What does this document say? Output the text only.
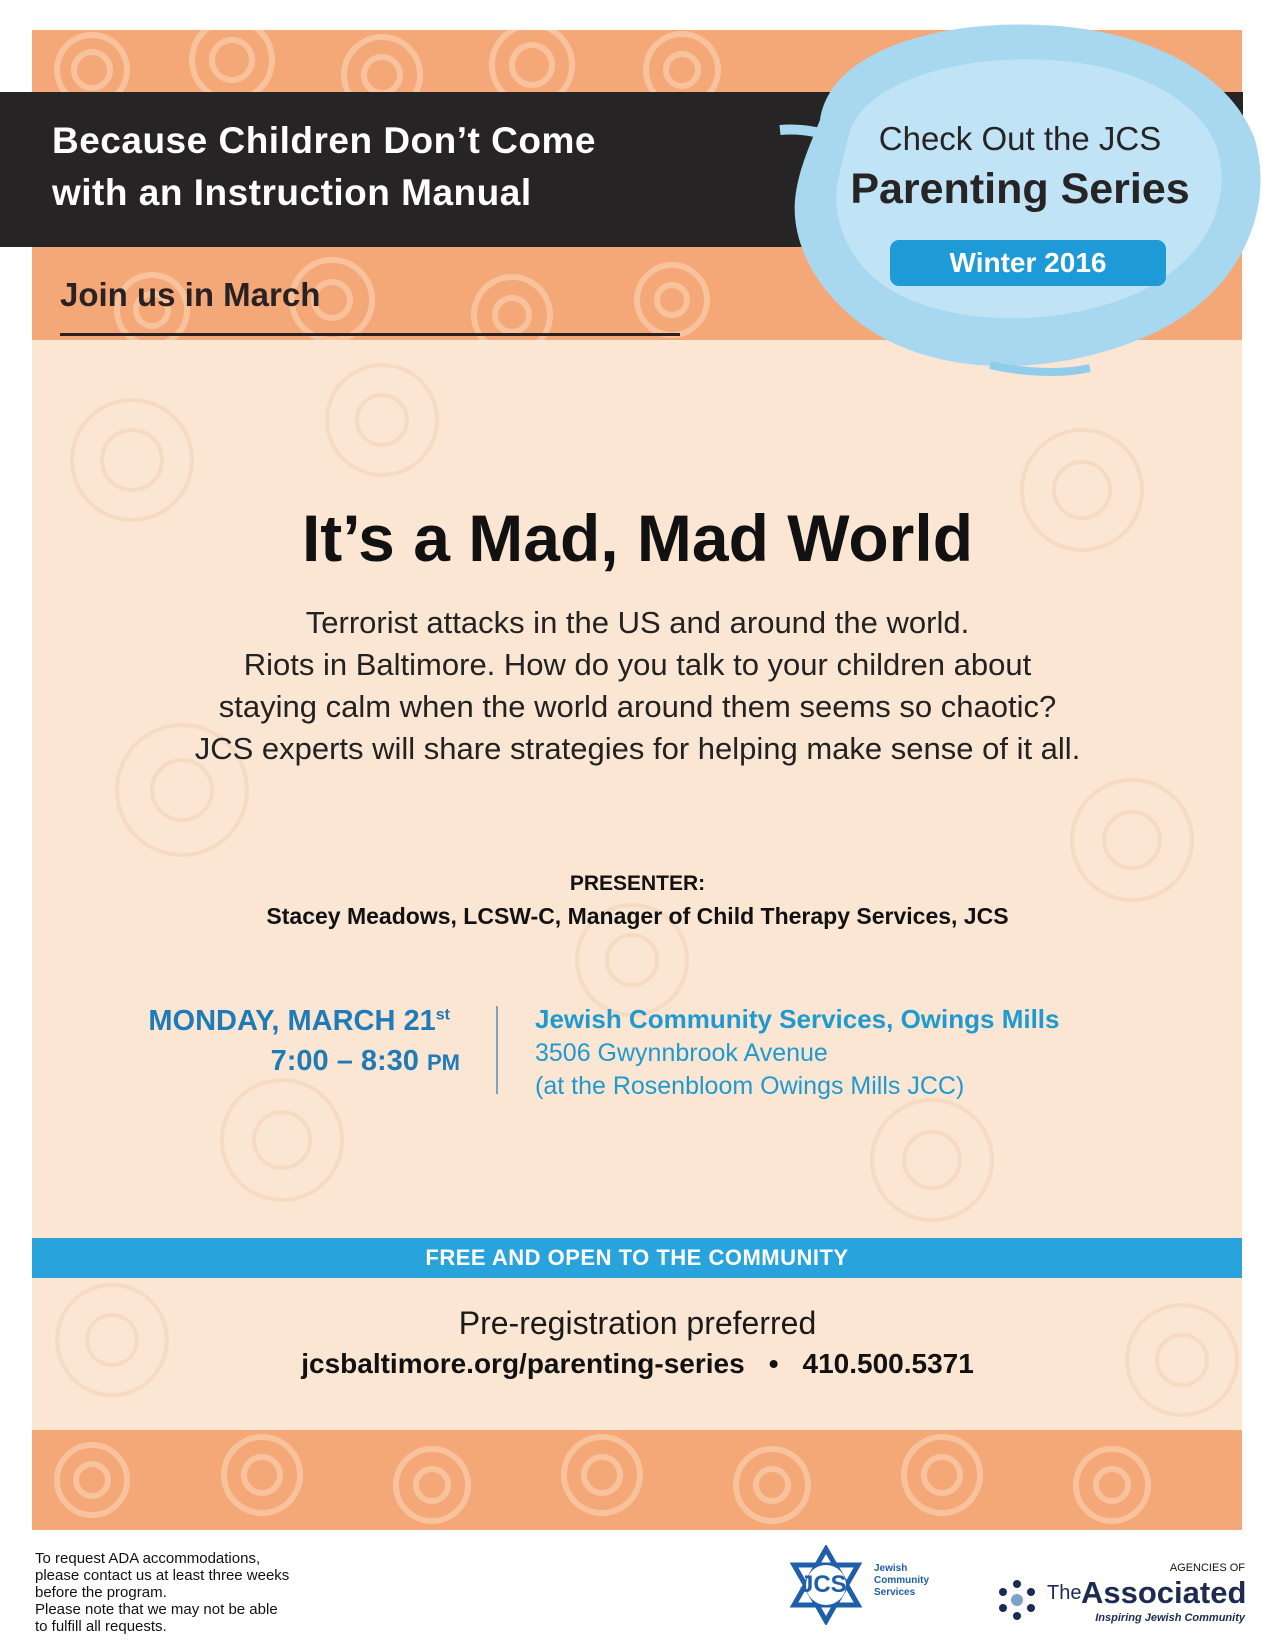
Because Children Don’t Come
with an Instruction Manual
Join us in March
Check Out the JCS
Parenting Series
Winter 2016
It’s a Mad, Mad World
Terrorist attacks in the US and around the world.
Riots in Baltimore. How do you talk to your children about
staying calm when the world around them seems so chaotic?
JCS experts will share strategies for helping make sense of it all.
PRESENTER:
Stacey Meadows, LCSW-C, Manager of Child Therapy Services, JCS
MONDAY, MARCH 21st
7:00 – 8:30 PM
Jewish Community Services, Owings Mills
3506 Gwynnbrook Avenue
(at the Rosenbloom Owings Mills JCC)
FREE AND OPEN TO THE COMMUNITY
Pre-registration preferred
jcsbaltimore.org/parenting-series • 410.500.5371
To request ADA accommodations,
please contact us at least three weeks
before the program.
Please note that we may not be able
to fulfill all requests.
JCS
Jewish
Community
Services
AGENCIES OF
The Associated
Inspiring Jewish Community
